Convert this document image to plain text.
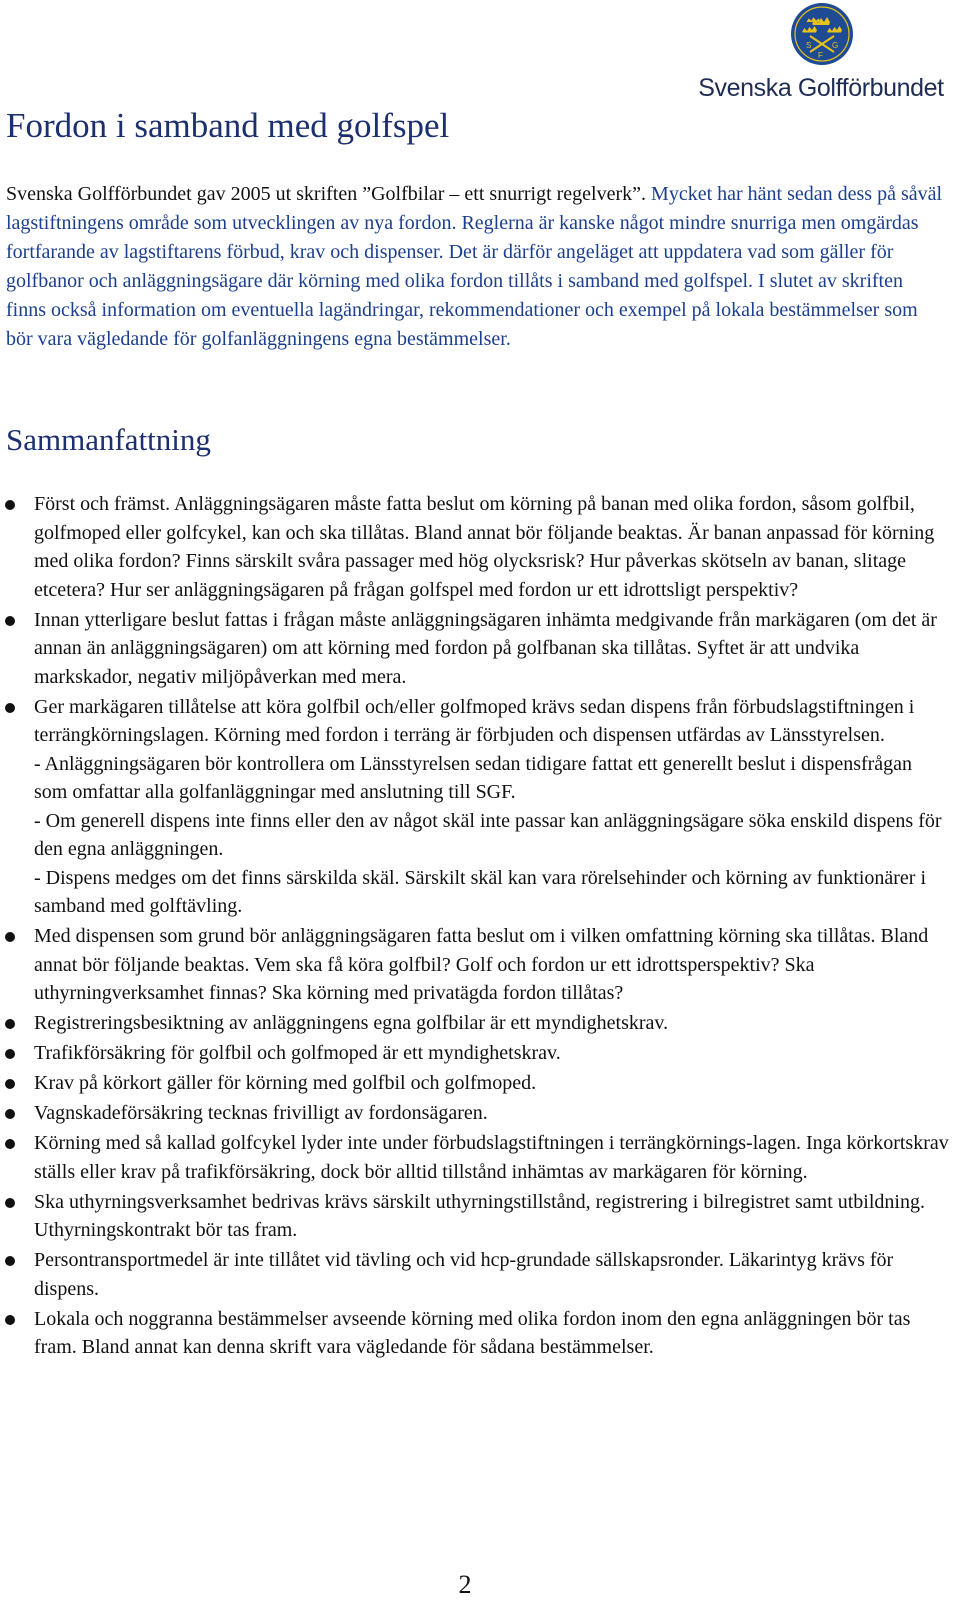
S
F
G
Svenska Golfförbundet
Fordon i samband med golfspel

Svenska Golfförbundet gav 2005 ut skriften ”Golfbilar – ett snurrigt regelverk”. Mycket har hänt sedan dess på såväl lagstiftningens område som utvecklingen av nya fordon. Reglerna är kanske något mindre snurriga men omgärdas fortfarande av lagstiftarens förbud, krav och dispenser. Det är därför angeläget att uppdatera vad som gäller för golfbanor och anläggningsägare där körning med olika fordon tillåts i samband med golfspel. I slutet av skriften finns också information om eventuella lagändringar, rekommendationer och exempel på lokala bestämmelser som bör vara vägledande för golfanläggningens egna bestämmelser.

Sammanfattning
Först och främst. Anläggningsägaren måste fatta beslut om körning på banan med olika fordon, såsom golfbil, golfmoped eller golfcykel, kan och ska tillåtas. Bland annat bör följande beaktas. Är banan anpassad för körning med olika fordon? Finns särskilt svåra passager med hög olycksrisk? Hur påverkas skötseln av banan, slitage etcetera? Hur ser anläggningsägaren på frågan golfspel med fordon ur ett idrottsligt perspektiv?
Innan ytterligare beslut fattas i frågan måste anläggningsägaren inhämta medgivande från markägaren (om det är annan än anläggningsägaren) om att körning med fordon på golfbanan ska tillåtas. Syftet är att undvika markskador, negativ miljöpåverkan med mera.
Ger markägaren tillåtelse att köra golfbil och/eller golfmoped krävs sedan dispens från förbudslagstiftningen i terrängkörningslagen. Körning med fordon i terräng är förbjuden och dispensen utfärdas av Länsstyrelsen.
- Anläggningsägaren bör kontrollera om Länsstyrelsen sedan tidigare fattat ett generellt beslut i dispensfrågan som omfattar alla golfanläggningar med anslutning till SGF.
- Om generell dispens inte finns eller den av något skäl inte passar kan anläggningsägare söka enskild dispens för den egna anläggningen.
- Dispens medges om det finns särskilda skäl. Särskilt skäl kan vara rörelsehinder och körning av funktionärer i samband med golftävling.
Med dispensen som grund bör anläggningsägaren fatta beslut om i vilken omfattning körning ska tillåtas. Bland annat bör följande beaktas. Vem ska få köra golfbil? Golf och fordon ur ett idrottsperspektiv? Ska uthyrningverksamhet finnas? Ska körning med privatägda fordon tillåtas?
Registreringsbesiktning av anläggningens egna golfbilar är ett myndighetskrav.
Trafikförsäkring för golfbil och golfmoped är ett myndighetskrav.
Krav på körkort gäller för körning med golfbil och golfmoped.
Vagnskadeförsäkring tecknas frivilligt av fordonsägaren.
Körning med så kallad golfcykel lyder inte under förbudslagstiftningen i terrängkörnings-lagen. Inga körkortskrav ställs eller krav på trafikförsäkring, dock bör alltid tillstånd inhämtas av markägaren för körning.
Ska uthyrningsverksamhet bedrivas krävs särskilt uthyrningstillstånd, registrering i bilregistret samt utbildning. Uthyrningskontrakt bör tas fram.
Persontransportmedel är inte tillåtet vid tävling och vid hcp-grundade sällskapsronder. Läkarintyg krävs för dispens.
Lokala och noggranna bestämmelser avseende körning med olika fordon inom den egna anläggningen bör tas fram. Bland annat kan denna skrift vara vägledande för sådana bestämmelser.
2
